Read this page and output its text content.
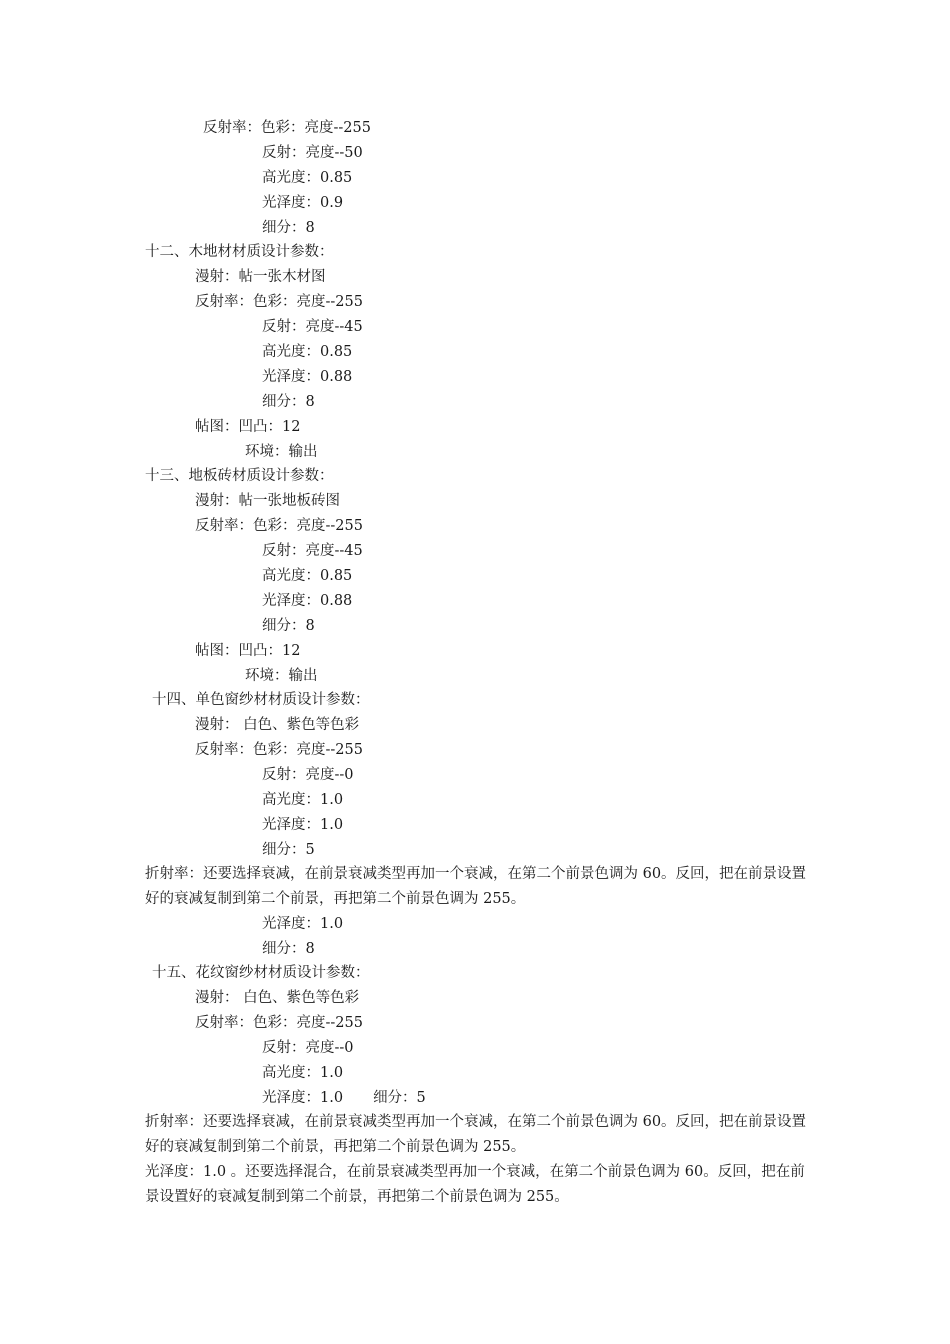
反射率：色彩：亮度--255
反射：亮度--50
高光度：0.85
光泽度：0.9
细分：8
十二、木地材材质设计参数：
漫射：帖一张木材图
反射率：色彩：亮度--255
反射：亮度--45
高光度：0.85
光泽度：0.88
细分：8
帖图：凹凸：12
环境：输出
十三、地板砖材质设计参数：
漫射：帖一张地板砖图
反射率：色彩：亮度--255
反射：亮度--45
高光度：0.85
光泽度：0.88
细分：8
帖图：凹凸：12
环境：输出
十四、单色窗纱材材质设计参数：
漫射： 白色、紫色等色彩
反射率：色彩：亮度--255
反射：亮度--0
高光度：1.0
光泽度：1.0
细分：5
折射率：还要选择衰减，在前景衰减类型再加一个衰减，在第二个前景色调为 60。反回，把在前景设置好的衰减复制到第二个前景，再把第二个前景色调为 255。
光泽度：1.0
细分：8
十五、花纹窗纱材材质设计参数：
漫射： 白色、紫色等色彩
反射率：色彩：亮度--255
反射：亮度--0
高光度：1.0
光泽度：1.0 细分：5
折射率：还要选择衰减，在前景衰减类型再加一个衰减，在第二个前景色调为 60。反回，把在前景设置好的衰减复制到第二个前景，再把第二个前景色调为 255。
光泽度：1.0 。还要选择混合，在前景衰减类型再加一个衰减，在第二个前景色调为 60。反回，把在前景设置好的衰减复制到第二个前景，再把第二个前景色调为 255。
